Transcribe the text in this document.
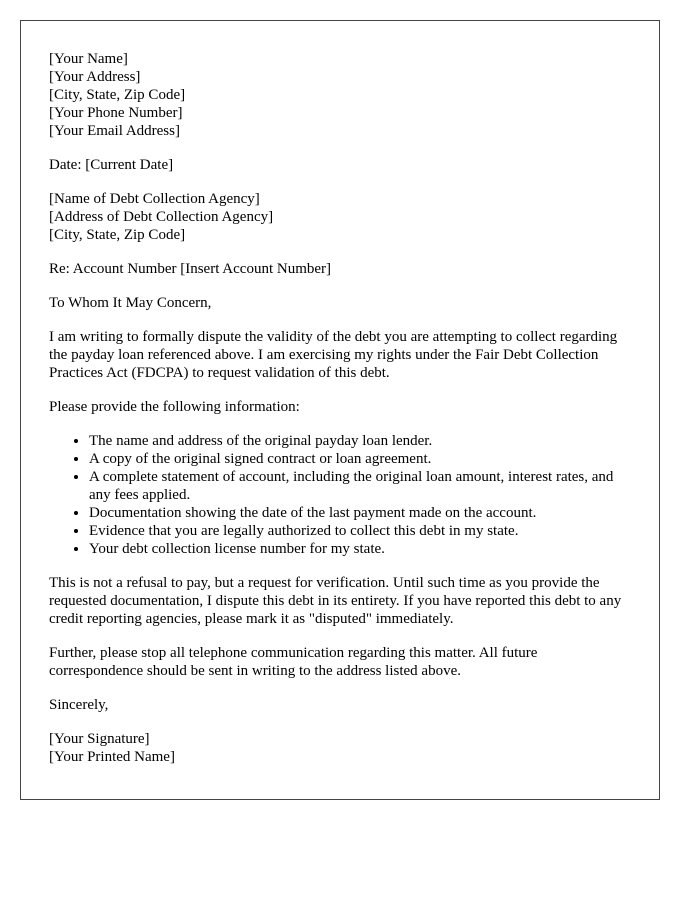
[Your Name]
[Your Address]
[City, State, Zip Code]
[Your Phone Number]
[Your Email Address]

Date: [Current Date]

[Name of Debt Collection Agency]
[Address of Debt Collection Agency]
[City, State, Zip Code]

Re: Account Number [Insert Account Number]

To Whom It May Concern,

I am writing to formally dispute the validity of the debt you are attempting to collect regarding the payday loan referenced above. I am exercising my rights under the Fair Debt Collection Practices Act (FDCPA) to request validation of this debt.

Please provide the following information:

• The name and address of the original payday loan lender.
• A copy of the original signed contract or loan agreement.
• A complete statement of account, including the original loan amount, interest rates, and any fees applied.
• Documentation showing the date of the last payment made on the account.
• Evidence that you are legally authorized to collect this debt in my state.
• Your debt collection license number for my state.

This is not a refusal to pay, but a request for verification. Until such time as you provide the requested documentation, I dispute this debt in its entirety. If you have reported this debt to any credit reporting agencies, please mark it as "disputed" immediately.

Further, please stop all telephone communication regarding this matter. All future correspondence should be sent in writing to the address listed above.

Sincerely,

[Your Signature]
[Your Printed Name]
